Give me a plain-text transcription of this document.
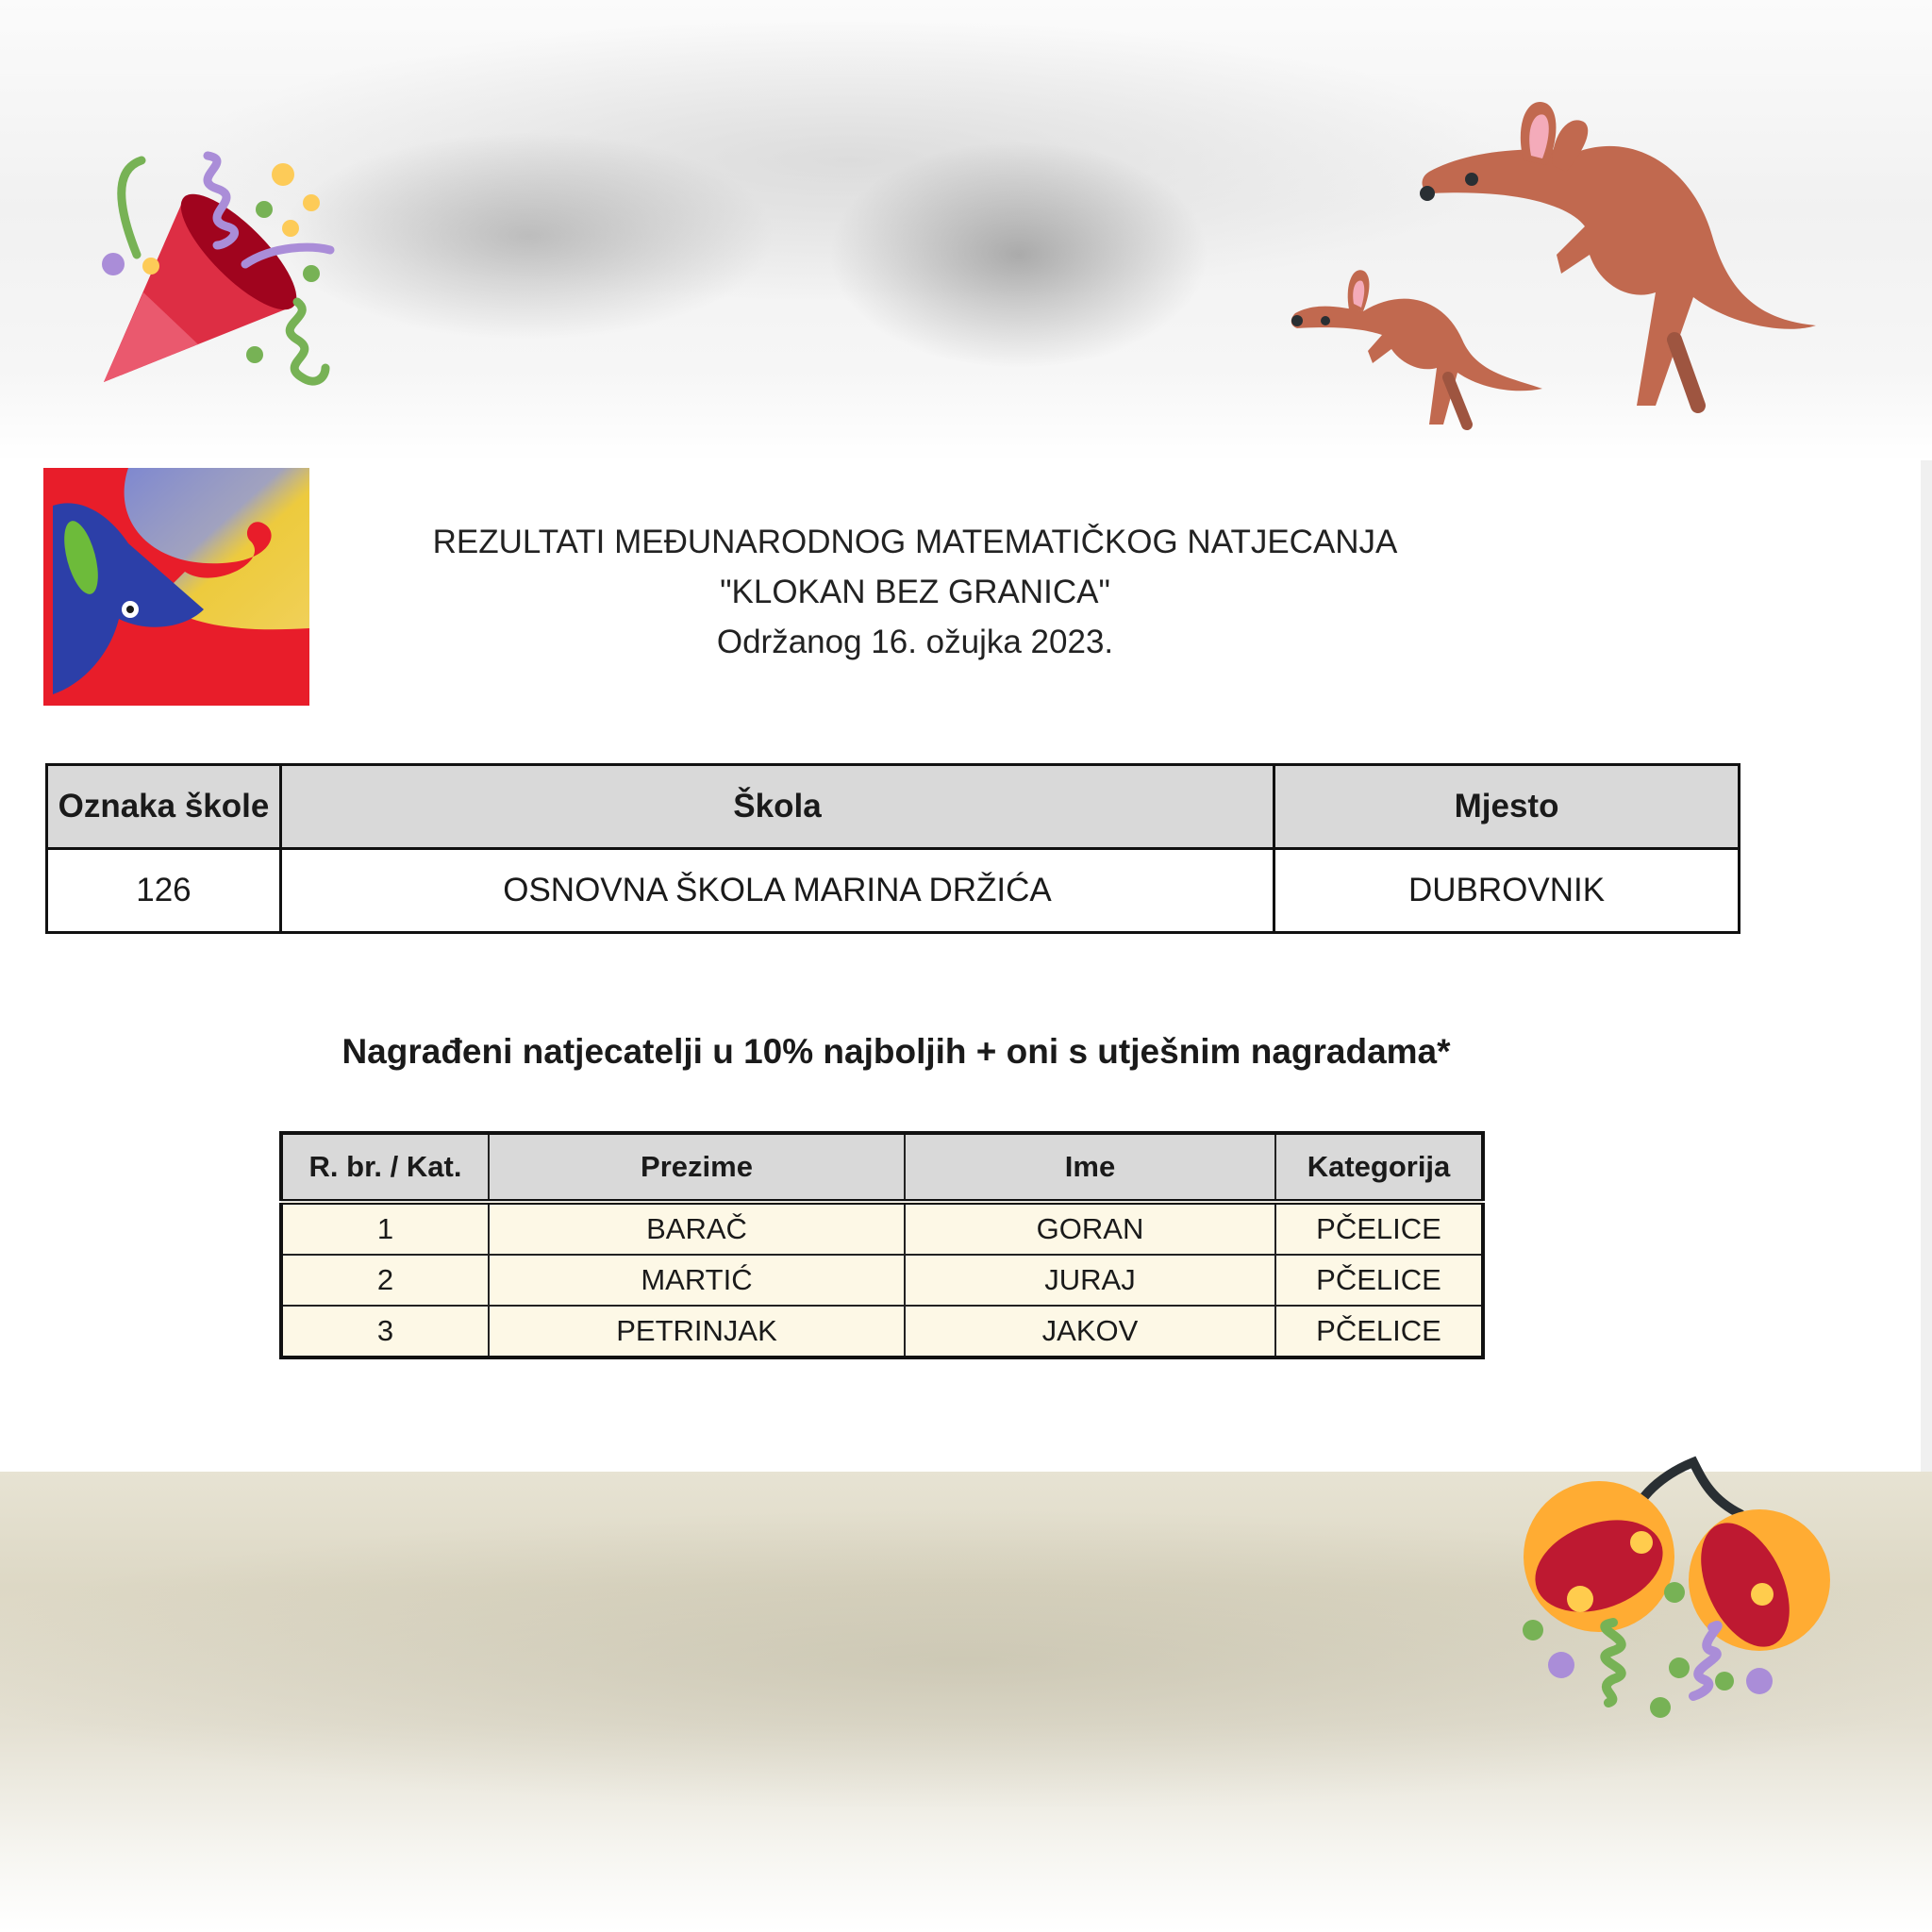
REZULTATI MEĐUNARODNOG MATEMATIČKOG NATJECANJA
"KLOKAN BEZ GRANICA"
Održanog 16. ožujka 2023.
Oznaka škole	Škola	Mjesto
126	OSNOVNA ŠKOLA MARINA DRŽIĆA	DUBROVNIK
Nagrađeni natjecatelji u 10% najboljih + oni s utješnim nagradama*
R. br. / Kat.	Prezime	Ime	Kategorija
1	BARAČ	GORAN	PČELICE
2	MARTIĆ	JURAJ	PČELICE
3	PETRINJAK	JAKOV	PČELICE
